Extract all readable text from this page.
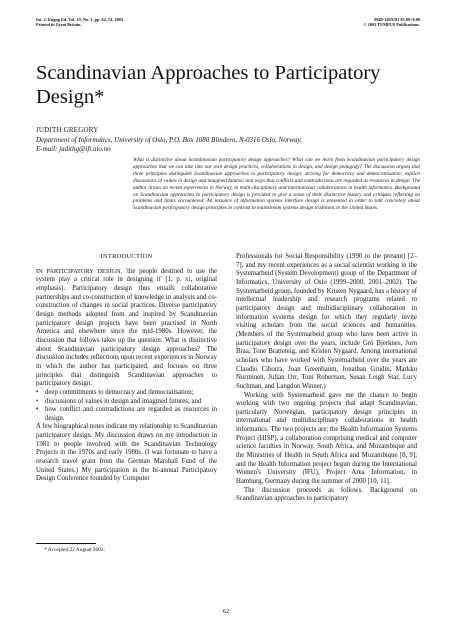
Int. J. Engng Ed. Vol. 19, No. 1, pp. 62–74, 2003
Printed in Great Britain.
0949-149X/91 $3.00+0.00
© 2003 TEMPUS Publications.
Scandinavian Approaches to Participatory Design*
JUDITH GREGORY
Department of Informatics, University of Oslo, P.O. Box 1080 Blindern, N-0316 Oslo, Norway.
E-mail: judithg@ifi.uio.no
What is distinctive about Scandinavian participatory design approaches? What can we learn from Scandinavian participatory design approaches that we can take into our own design practices, collaborations in design, and design pedagogy? The discussion argues that three principles distinguish Scandinavian approaches to participatory design: striving for democracy and democratisation; explicit discussions of values in design and imagined futures; and ways that conflicts and contradictions are regarded as resources in design. The author draws on recent experiences in Norway, in multi-disciplinary and international collaborations in health informatics. Background on Scandinavian approaches to participatory design is provided to give a sense of their distinctive history and critiques reflecting on problems and limits encountered. An instance of information systems interface design is presented in order to talk concretely about Scandinavian participatory design principles in contrast to mainstream systems design traditions in the United States.

INTRODUCTION

IN PARTICIPATORY DESIGN, 'the people destined to use the system play a critical role in designing it' [1, p. xi, original emphasis]. Participatory design thus entails collaborative partnerships and co-construction of knowledge in analysis and co-construction of changes in social practices. Diverse participatory design methods adopted from and inspired by Scandinavian participatory design projects have been practised in North America and elsewhere since the mid-1980s. However, the discussion that follows takes up the question: What is distinctive about Scandinavian participatory design approaches? The discussion includes reflections upon recent experiences in Norway in which the author has participated, and focuses on three principles that distinguish Scandinavian approaches to participatory design:

• deep commitments to democracy and democratisation;
• discussions of values in design and imagined futures; and
• how conflict and contradictions are regarded as resources in design.

A few biographical notes indicate my relationship to Scandinavian participatory design. My discussion draws on my introduction in 1981 to people involved with the Scandinavian Technology Projects in the 1970s and early 1980s. (I was fortunate to have a research travel grant from the German Marshall Fund of the United States.) My participation in the bi-annual Participatory Design Conference founded by Computer

* Accepted 22 August 2002.

Professionals for Social Responsibility (1990 to the present) [2–7], and my recent experiences as a social scientist working in the Systemarbeid (System Development) group of the Department of Informatics, University of Oslo (1999–2000, 2001–2002). The Systemarbeid group, founded by Kristen Nygaard, has a history of intellectual leadership and research programs related to participatory design and multidisciplinary collaboration in information systems design for which they regularly invite visiting scholars from the social sciences and humanities. (Members of the Systemarbeid group who have been active in participatory design over the years, include Grö Bjerknes, Jorn Braa, Tone Bratteteig, and Kristen Nygaard. Among international scholars who have worked with Systemarbeid over the years are Claudio Ciborra, Joan Greenbaum, Jonathan Grudin, Markku Nurminen, Julian Orr, Toni Robertson, Susan Leigh Star, Lucy Suchman, and Langdon Winner.)

Working with Systemarbeid gave me the chance to begin working with two ongoing projects that adapt Scandinavian, particularly Norwegian, participatory design principles in international and multidisciplinary collaborations in health informatics. The two projects are: the Health Information Systems Project (HISP), a collaboration comprising medical and computer science faculties in Norway, South Africa, and Mozambique and the Ministries of Health in South Africa and Mozambique [8, 9]; and the Health Information project begun during the International Women's University (IFU), Project Area Information, in Hamburg, Germany during the summer of 2000 [10, 11].

The discussion proceeds as follows. Background on Scandinavian approaches to participatory

62
